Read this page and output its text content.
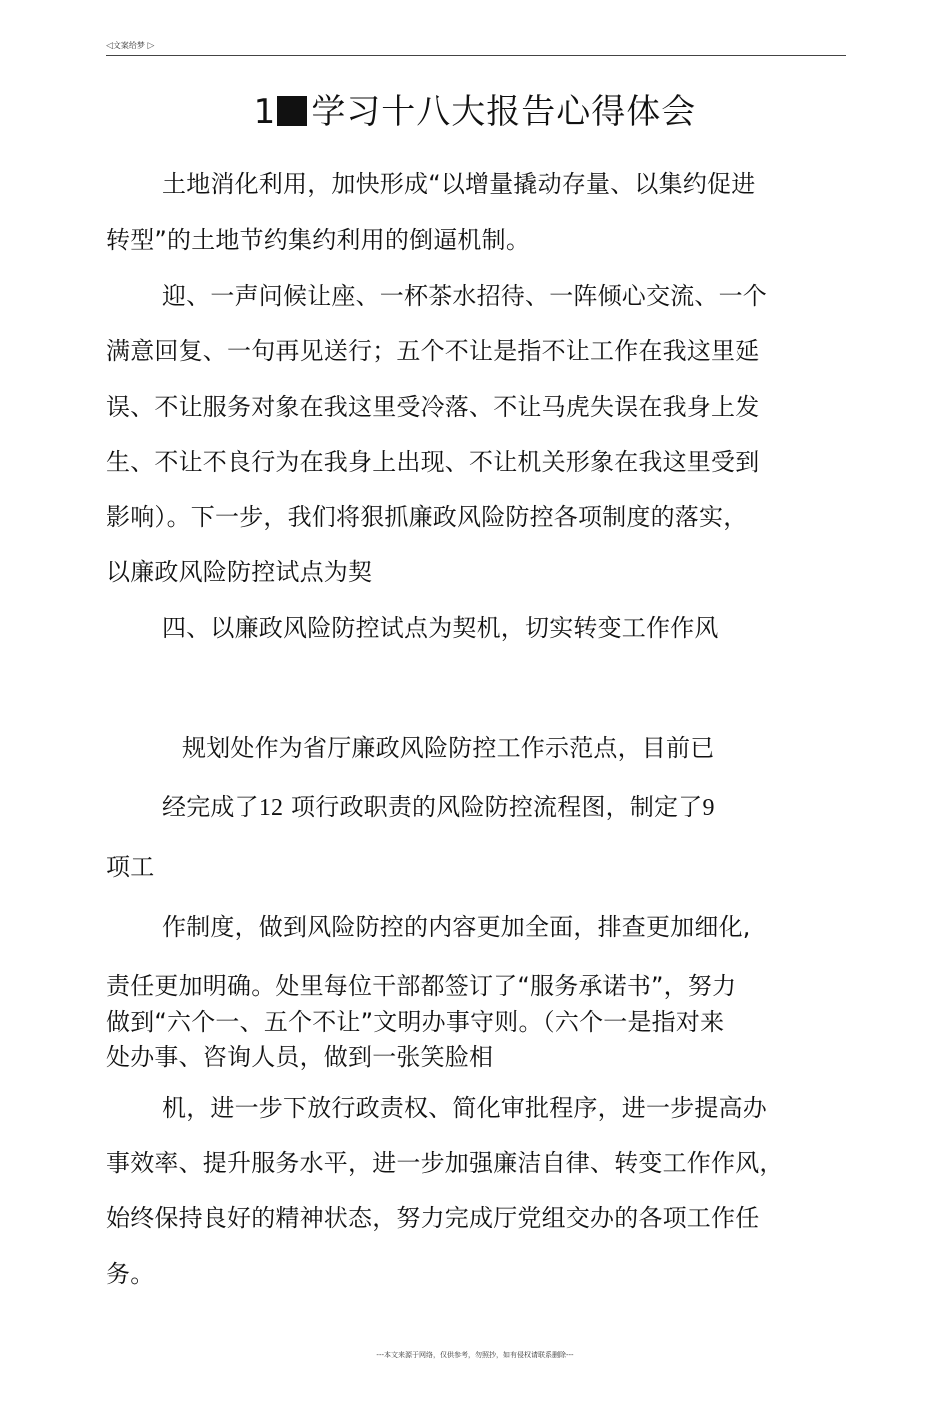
◁文案给梦 ▷
1 学习十八大报告心得体会
土地消化利用，加快形成“以增量撬动存量、以集约促进
转型”的土地节约集约利用的倒逼机制。
迎、一声问候让座、一杯茶水招待、一阵倾心交流、一个
满意回复、一句再见送行；五个不让是指不让工作在我这里延
误、不让服务对象在我这里受冷落、不让马虎失误在我身上发
生、不让不良行为在我身上出现、不让机关形象在我这里受到
影响）。下一步，我们将狠抓廉政风险防控各项制度的落实，
以廉政风险防控试点为契
四、以廉政风险防控试点为契机，切实转变工作作风
规划处作为省厅廉政风险防控工作示范点，目前已
经完成了12 项行政职责的风险防控流程图，制定了9
项工
作制度，做到风险防控的内容更加全面，排查更加细化,
责任更加明确。处里每位干部都签订了“服务承诺书”，努力
做到“六个一、五个不让”文明办事守则。（六个一是指对来
处办事、咨询人员，做到一张笑脸相
机，进一步下放行政责权、简化审批程序，进一步提高办
事效率、提升服务水平，进一步加强廉洁自律、转变工作作风，
始终保持良好的精神状态，努力完成厅党组交办的各项工作任
务。
---本文来源于网络，仅供参考，勿照抄，如有侵权请联系删除---
